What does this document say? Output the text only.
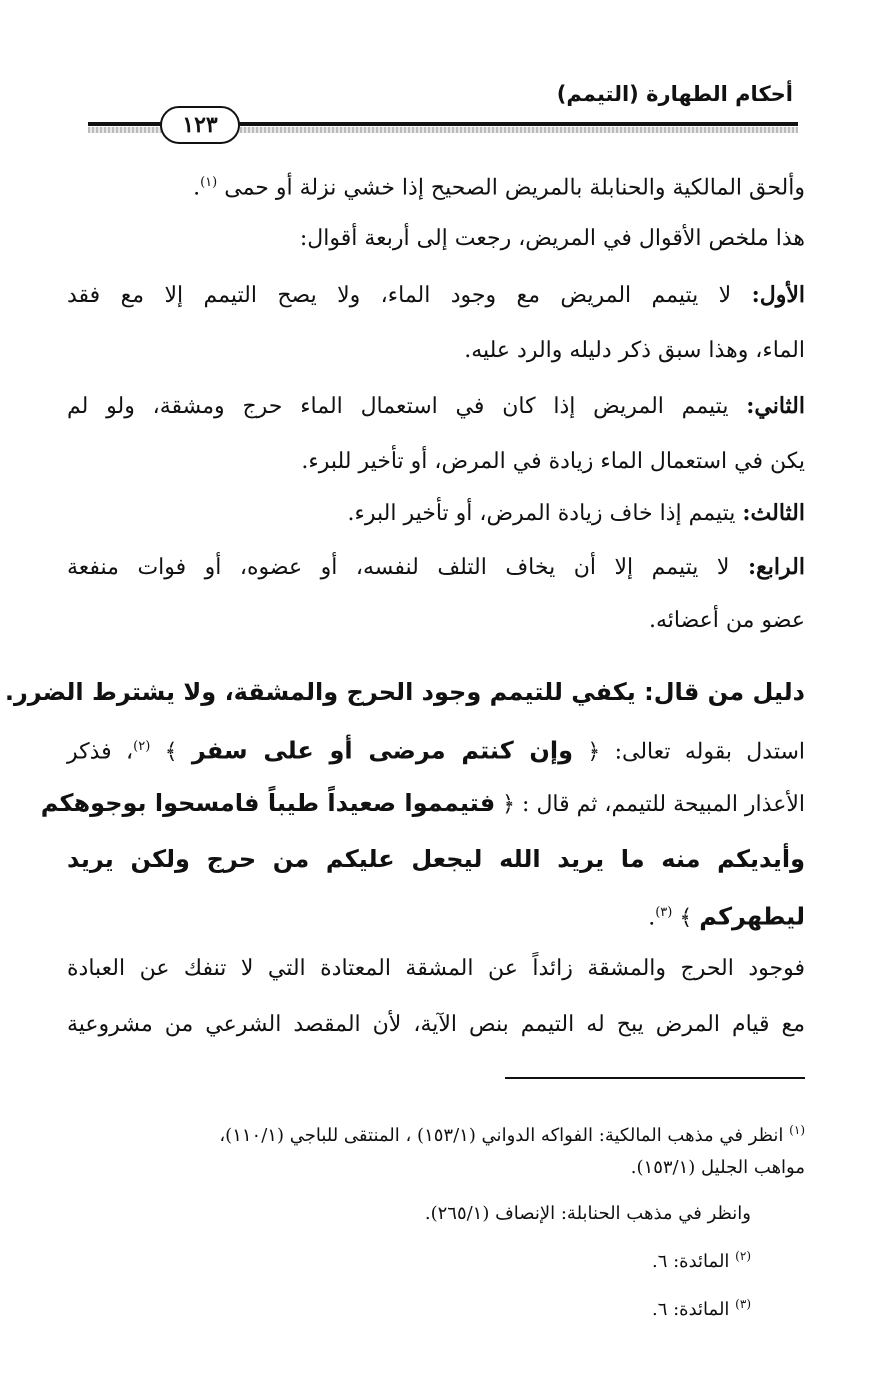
أحكام الطهارة (التيمم)
١٢٣
وألحق المالكية والحنابلة بالمريض الصحيح إذا خشي نزلة أو حمى $^{(١)}$.
هذا ملخص الأقوال في المريض، رجعت إلى أربعة أقوال:
الأول: لا يتيمم المريض مع وجود الماء، ولا يصح التيمم إلا مع فقد
الماء، وهذا سبق ذكر دليله والرد عليه.
الثاني: يتيمم المريض إذا كان في استعمال الماء حرج ومشقة، ولو لم
يكن في استعمال الماء زيادة في المرض، أو تأخير للبرء.
الثالث: يتيمم إذا خاف زيادة المرض، أو تأخير البرء.
الرابع: لا يتيمم إلا أن يخاف التلف لنفسه، أو عضوه، أو فوات منفعة
عضو من أعضائه.
دليل من قال: يكفي للتيمم وجود الحرج والمشقة، ولا يشترط الضرر.
استدل بقوله تعالى: ﴿ وإن كنتم مرضى أو على سفر ﴾ $^{(٢)}$، فذكر
الأعذار المبيحة للتيمم، ثم قال : ﴿ فتيمموا صعيداً طيباً فامسحوا بوجوهكم
وأيديكم منه ما يريد الله ليجعل عليكم من حرج ولكن يريد
ليطهركم ﴾ $^{(٣)}$.
فوجود الحرج والمشقة زائداً عن المشقة المعتادة التي لا تنفك عن العبادة
مع قيام المرض يبح له التيمم بنص الآية، لأن المقصد الشرعي من مشروعية
$^{(١)}$ انظر في مذهب المالكية: الفواكه الدواني (١٥٣/١) ، المنتقى للباجي (١١٠/١)،
مواهب الجليل (١٥٣/١).
وانظر في مذهب الحنابلة: الإنصاف (٢٦٥/١).
$^{(٢)}$ المائدة: ٦.
$^{(٣)}$ المائدة: ٦.
